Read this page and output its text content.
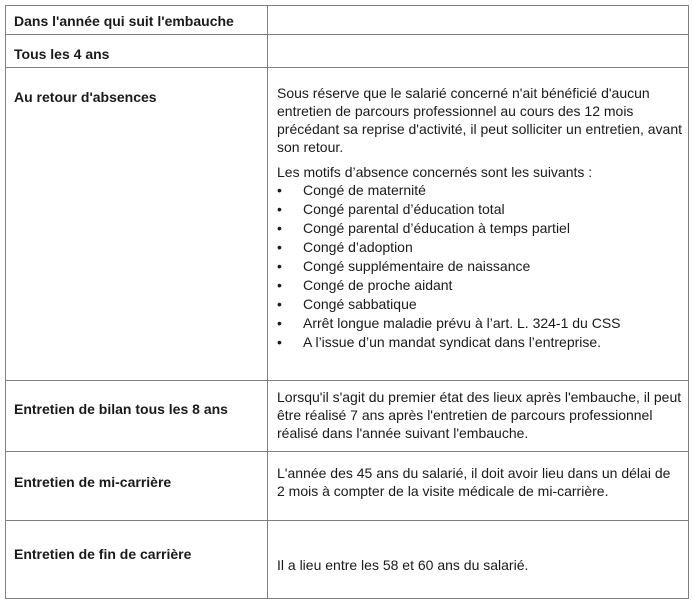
Dans l'année qui suit l'embauche
Tous les 4 ans
Au retour d'absences	Sous réserve que le salarié concerné n'ait bénéficié d'aucun entretien de parcours professionnel au cours des 12 mois précédant sa reprise d'activité, il peut solliciter un entretien, avant son retour.

Les motifs d’absence concernés sont les suivants :

• Congé de maternité
• Congé parental d’éducation total
• Congé parental d’éducation à temps partiel
• Congé d’adoption
• Congé supplémentaire de naissance
• Congé de proche aidant
• Congé sabbatique
• Arrêt longue maladie prévu à l’art. L. 324-1 du CSS
• A l’issue d’un mandat syndicat dans l’entreprise.
Entretien de bilan tous les 8 ans
Lorsqu'il s'agit du premier état des lieux après l'embauche, il peut être réalisé 7 ans après l'entretien de parcours professionnel réalisé dans l'année suivant l'embauche.
Entretien de mi-carrière
L'année des 45 ans du salarié, il doit avoir lieu dans un délai de 2 mois à compter de la visite médicale de mi-carrière.
Entretien de fin de carrière
Il a lieu entre les 58 et 60 ans du salarié.
